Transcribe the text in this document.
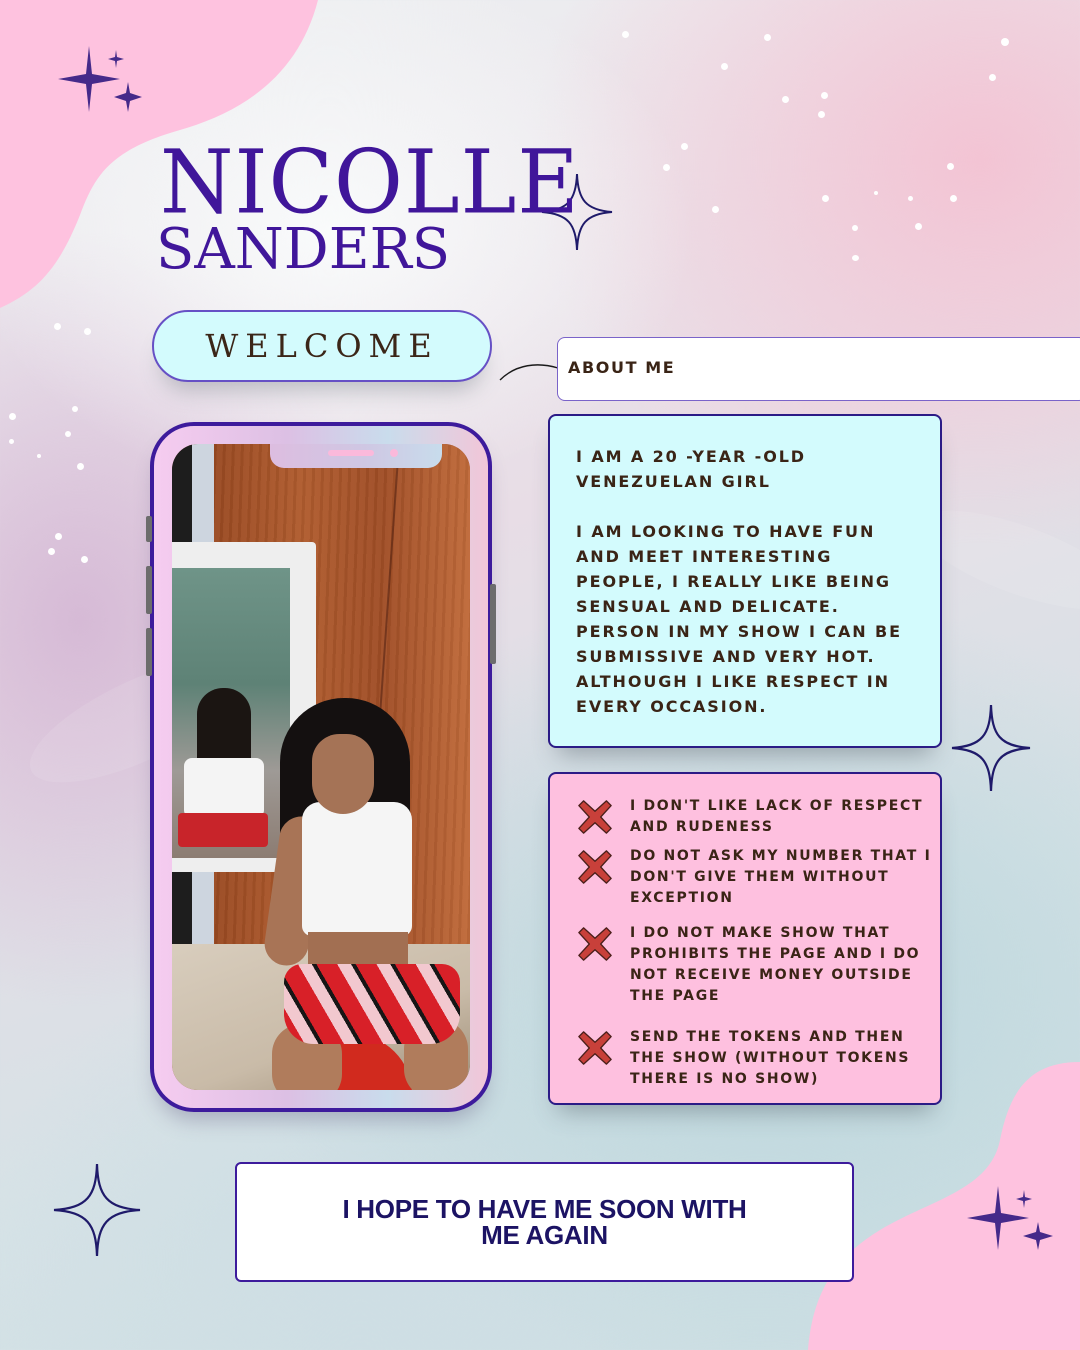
NICOLLE
SANDERS
WELCOME
ABOUT ME

I AM A 20 -YEAR -OLD VENEZUELAN GIRL

I AM LOOKING TO HAVE FUN AND MEET INTERESTING PEOPLE, I REALLY LIKE BEING SENSUAL AND DELICATE. PERSON IN MY SHOW I CAN BE SUBMISSIVE AND VERY HOT. ALTHOUGH I LIKE RESPECT IN EVERY OCCASION.

I DON'T LIKE LACK OF RESPECT AND RUDENESS
DO NOT ASK MY NUMBER THAT I DON'T GIVE THEM WITHOUT EXCEPTION
I DO NOT MAKE SHOW THAT PROHIBITS THE PAGE AND I DO NOT RECEIVE MONEY OUTSIDE THE PAGE
SEND THE TOKENS AND THEN THE SHOW (WITHOUT TOKENS THERE IS NO SHOW)
I HOPE TO HAVE ME SOON WITH ME AGAIN
